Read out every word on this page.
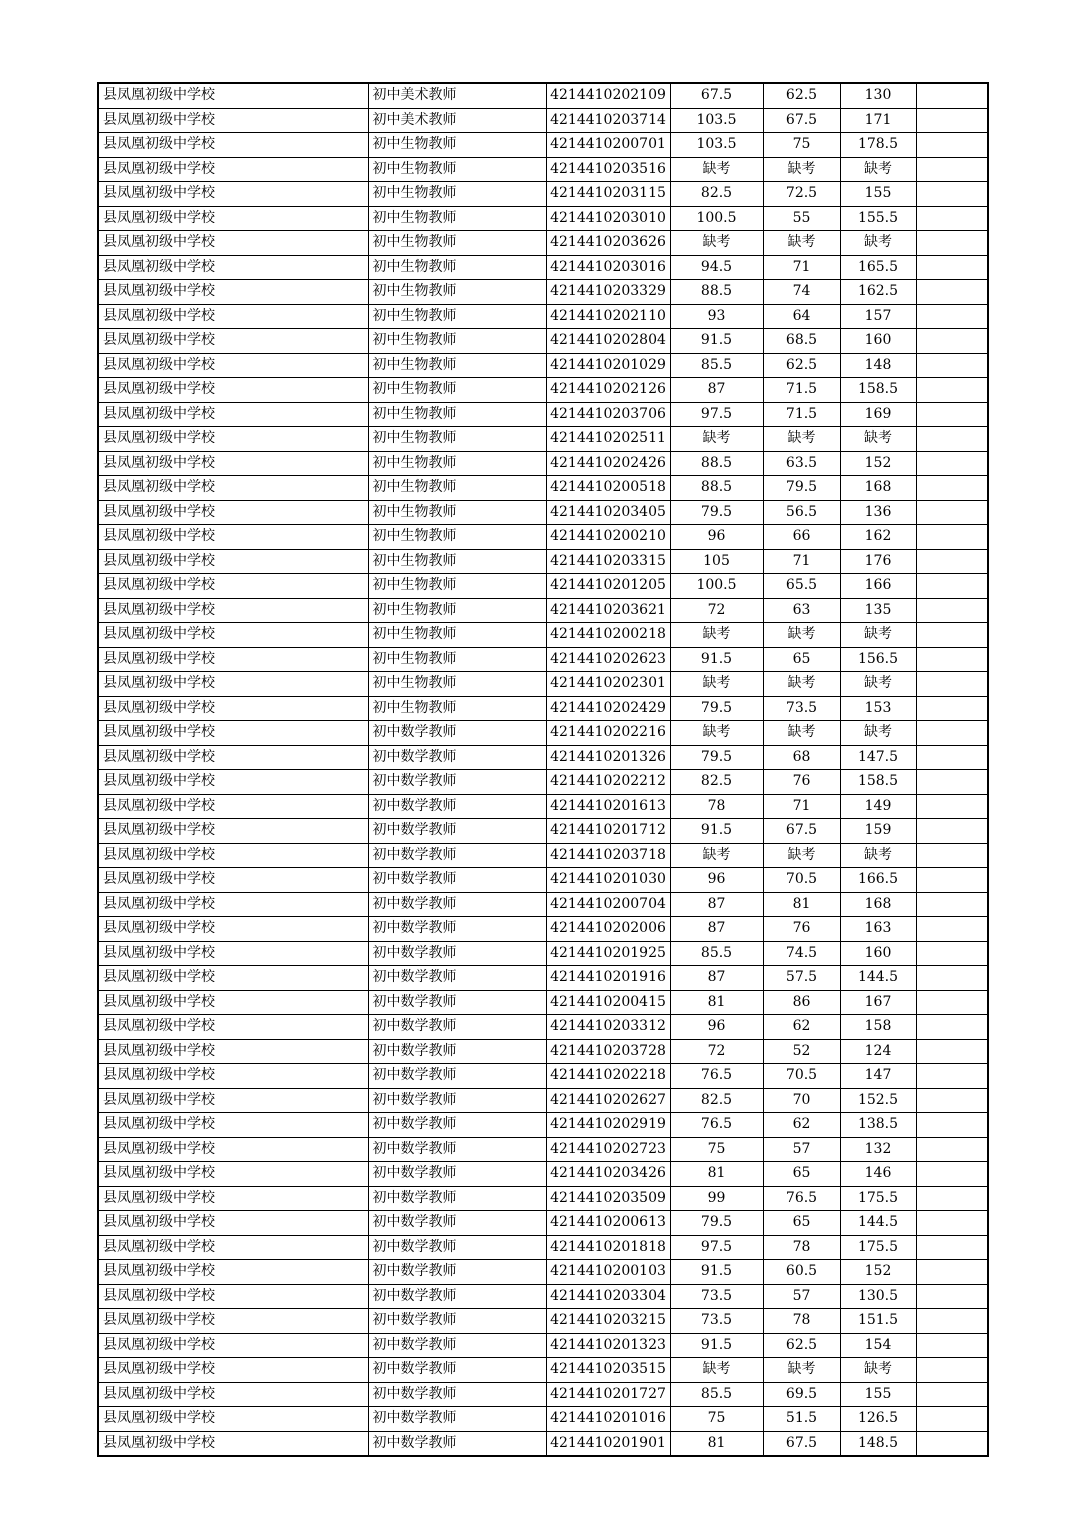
县凤凰初级中学校	初中美术教师	4214410202109	67.5	62.5	130	
县凤凰初级中学校	初中美术教师	4214410203714	103.5	67.5	171	
县凤凰初级中学校	初中生物教师	4214410200701	103.5	75	178.5	
县凤凰初级中学校	初中生物教师	4214410203516	缺考	缺考	缺考	
县凤凰初级中学校	初中生物教师	4214410203115	82.5	72.5	155	
县凤凰初级中学校	初中生物教师	4214410203010	100.5	55	155.5	
县凤凰初级中学校	初中生物教师	4214410203626	缺考	缺考	缺考	
县凤凰初级中学校	初中生物教师	4214410203016	94.5	71	165.5	
县凤凰初级中学校	初中生物教师	4214410203329	88.5	74	162.5	
县凤凰初级中学校	初中生物教师	4214410202110	93	64	157	
县凤凰初级中学校	初中生物教师	4214410202804	91.5	68.5	160	
县凤凰初级中学校	初中生物教师	4214410201029	85.5	62.5	148	
县凤凰初级中学校	初中生物教师	4214410202126	87	71.5	158.5	
县凤凰初级中学校	初中生物教师	4214410203706	97.5	71.5	169	
县凤凰初级中学校	初中生物教师	4214410202511	缺考	缺考	缺考	
县凤凰初级中学校	初中生物教师	4214410202426	88.5	63.5	152	
县凤凰初级中学校	初中生物教师	4214410200518	88.5	79.5	168	
县凤凰初级中学校	初中生物教师	4214410203405	79.5	56.5	136	
县凤凰初级中学校	初中生物教师	4214410200210	96	66	162	
县凤凰初级中学校	初中生物教师	4214410203315	105	71	176	
县凤凰初级中学校	初中生物教师	4214410201205	100.5	65.5	166	
县凤凰初级中学校	初中生物教师	4214410203621	72	63	135	
县凤凰初级中学校	初中生物教师	4214410200218	缺考	缺考	缺考	
县凤凰初级中学校	初中生物教师	4214410202623	91.5	65	156.5	
县凤凰初级中学校	初中生物教师	4214410202301	缺考	缺考	缺考	
县凤凰初级中学校	初中生物教师	4214410202429	79.5	73.5	153	
县凤凰初级中学校	初中数学教师	4214410202216	缺考	缺考	缺考	
县凤凰初级中学校	初中数学教师	4214410201326	79.5	68	147.5	
县凤凰初级中学校	初中数学教师	4214410202212	82.5	76	158.5	
县凤凰初级中学校	初中数学教师	4214410201613	78	71	149	
县凤凰初级中学校	初中数学教师	4214410201712	91.5	67.5	159	
县凤凰初级中学校	初中数学教师	4214410203718	缺考	缺考	缺考	
县凤凰初级中学校	初中数学教师	4214410201030	96	70.5	166.5	
县凤凰初级中学校	初中数学教师	4214410200704	87	81	168	
县凤凰初级中学校	初中数学教师	4214410202006	87	76	163	
县凤凰初级中学校	初中数学教师	4214410201925	85.5	74.5	160	
县凤凰初级中学校	初中数学教师	4214410201916	87	57.5	144.5	
县凤凰初级中学校	初中数学教师	4214410200415	81	86	167	
县凤凰初级中学校	初中数学教师	4214410203312	96	62	158	
县凤凰初级中学校	初中数学教师	4214410203728	72	52	124	
县凤凰初级中学校	初中数学教师	4214410202218	76.5	70.5	147	
县凤凰初级中学校	初中数学教师	4214410202627	82.5	70	152.5	
县凤凰初级中学校	初中数学教师	4214410202919	76.5	62	138.5	
县凤凰初级中学校	初中数学教师	4214410202723	75	57	132	
县凤凰初级中学校	初中数学教师	4214410203426	81	65	146	
县凤凰初级中学校	初中数学教师	4214410203509	99	76.5	175.5	
县凤凰初级中学校	初中数学教师	4214410200613	79.5	65	144.5	
县凤凰初级中学校	初中数学教师	4214410201818	97.5	78	175.5	
县凤凰初级中学校	初中数学教师	4214410200103	91.5	60.5	152	
县凤凰初级中学校	初中数学教师	4214410203304	73.5	57	130.5	
县凤凰初级中学校	初中数学教师	4214410203215	73.5	78	151.5	
县凤凰初级中学校	初中数学教师	4214410201323	91.5	62.5	154	
县凤凰初级中学校	初中数学教师	4214410203515	缺考	缺考	缺考	
县凤凰初级中学校	初中数学教师	4214410201727	85.5	69.5	155	
县凤凰初级中学校	初中数学教师	4214410201016	75	51.5	126.5	
县凤凰初级中学校	初中数学教师	4214410201901	81	67.5	148.5	
